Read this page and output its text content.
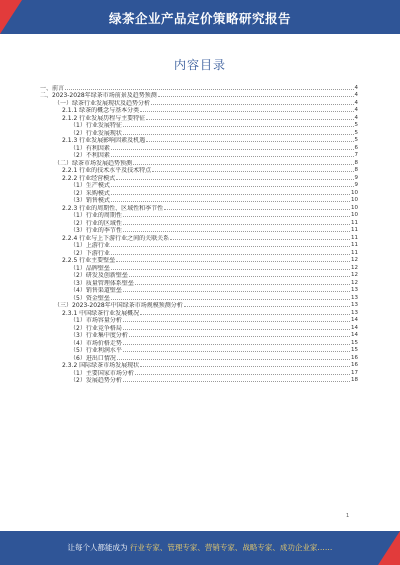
绿茶企业产品定价策略研究报告
内容目录
一、前言	4
二、2023-2028年绿茶市场前景及趋势预测	4
（一）绿茶行业发展现状及趋势分析	4
2.1.1 绿茶的概念与基本分类	4
2.1.2 行业发展历程与主要特征	4
（1）行业发展特征	5
（2）行业发展现状	5
2.1.3 行业发展影响因素及机遇	5
（1）有利因素	6
（2）不利因素	7
（二）绿茶市场发展趋势预测	8
2.2.1 行业的技术水平及技术特点	8
2.2.2 行业经营模式	9
（1）生产模式	9
（2）采购模式	10
（3）销售模式	10
2.2.3 行业的周期性、区域性和季节性	10
（1）行业的周期性	10
（2）行业的区域性	11
（3）行业的季节性	11
2.2.4 行业与上下游行业之间的关联关系	11
（1）上游行业	11
（2）下游行业	11
2.2.5 行业主要壁垒	12
（1）品牌壁垒	12
（2）研发及创新壁垒	12
（3）质量管理体系壁垒	12
（4）销售渠道壁垒	13
（5）资金壁垒	13
（三）2023-2028年中国绿茶市场规模预测分析	13
2.3.1 中国绿茶行业发展概况	13
（1）市场容量分析	14
（2）行业竞争格局	14
（3）行业集中度分析	14
（4）市场价格走势	15
（5）行业利润水平	15
（6）进出口情况	16
2.3.2 国际绿茶市场发展现状	16
（1）主要国家市场分析	17
（2）发展趋势分析	18
1
让每个人都能成为 行业专家、管理专家、营销专家、战略专家、成功企业家……
